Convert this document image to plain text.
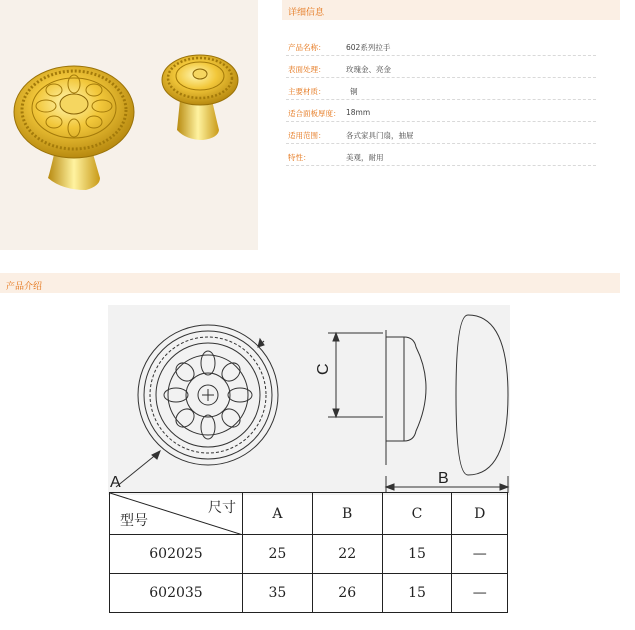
详细信息
产品名称：	602系列拉手
表面处理：	玫瑰金、亮金
主要材质：	铜
适合面板厚度： 18mm
适用范围：	各式家具门扇，抽屉
特性：	美观，耐用
产品介绍
A	B
C
尺寸
型号	A	B	C	D
602025	25	22	15	—
602035	35	26	15	—
